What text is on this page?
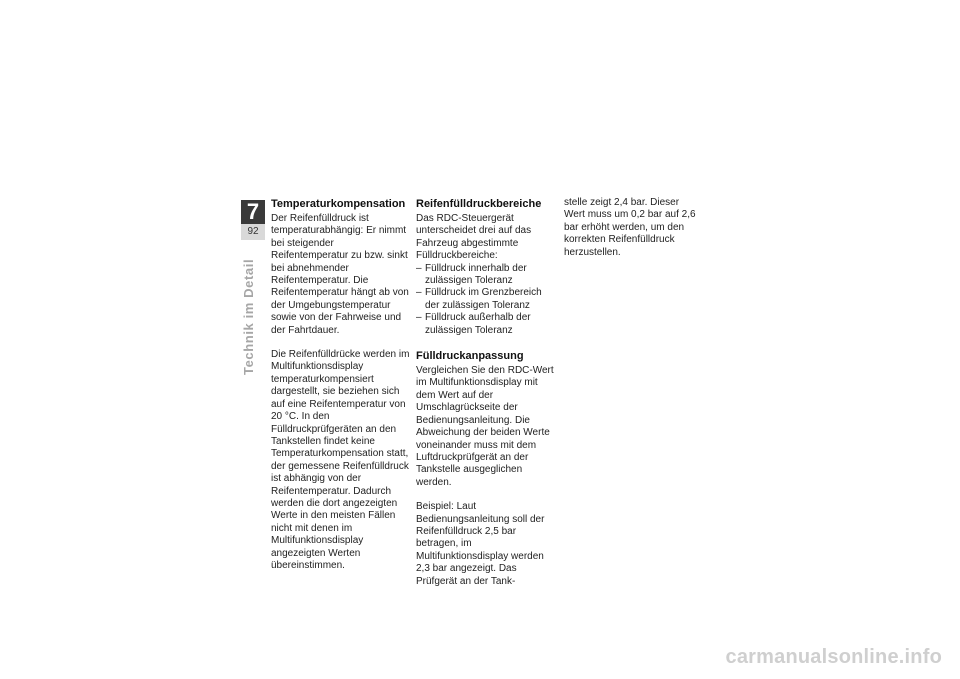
7
92
Technik im Detail
Temperaturkompensation

Der Reifenfülldruck ist temperaturabhängig: Er nimmt bei steigender Reifentemperatur zu bzw. sinkt bei abnehmender Reifentemperatur. Die Reifentemperatur hängt ab von der Umgebungstemperatur sowie von der Fahrweise und der Fahrtdauer.

Die Reifenfülldrücke werden im Multifunktionsdisplay temperaturkompensiert dargestellt, sie beziehen sich auf eine Reifentemperatur von 20 °C. In den Fülldruckprüfgeräten an den Tankstellen findet keine Temperaturkompensation statt, der gemessene Reifenfülldruck ist abhängig von der Reifentemperatur. Dadurch werden die dort angezeigten Werte in den meisten Fällen nicht mit denen im Multifunktionsdisplay angezeigten Werten übereinstimmen.

Reifenfülldruckbereiche

Das RDC-Steuergerät unterscheidet drei auf das Fahrzeug abgestimmte Fülldruckbereiche:

– Fülldruck innerhalb der zulässigen Toleranz
– Fülldruck im Grenzbereich der zulässigen Toleranz
– Fülldruck außerhalb der zulässigen Toleranz
Fülldruckanpassung

Vergleichen Sie den RDC-Wert im Multifunktionsdisplay mit dem Wert auf der Umschlagrückseite der Bedienungsanleitung. Die Abweichung der beiden Werte voneinander muss mit dem Luftdruckprüfgerät an der Tankstelle ausgeglichen werden.

Beispiel: Laut Bedienungsanleitung soll der Reifenfülldruck 2,5 bar betragen, im Multifunktionsdisplay werden 2,3 bar angezeigt. Das Prüfgerät an der Tank-

stelle zeigt 2,4 bar. Dieser Wert muss um 0,2 bar auf 2,6 bar erhöht werden, um den korrekten Reifenfülldruck herzustellen.

carmanualsonline.info
